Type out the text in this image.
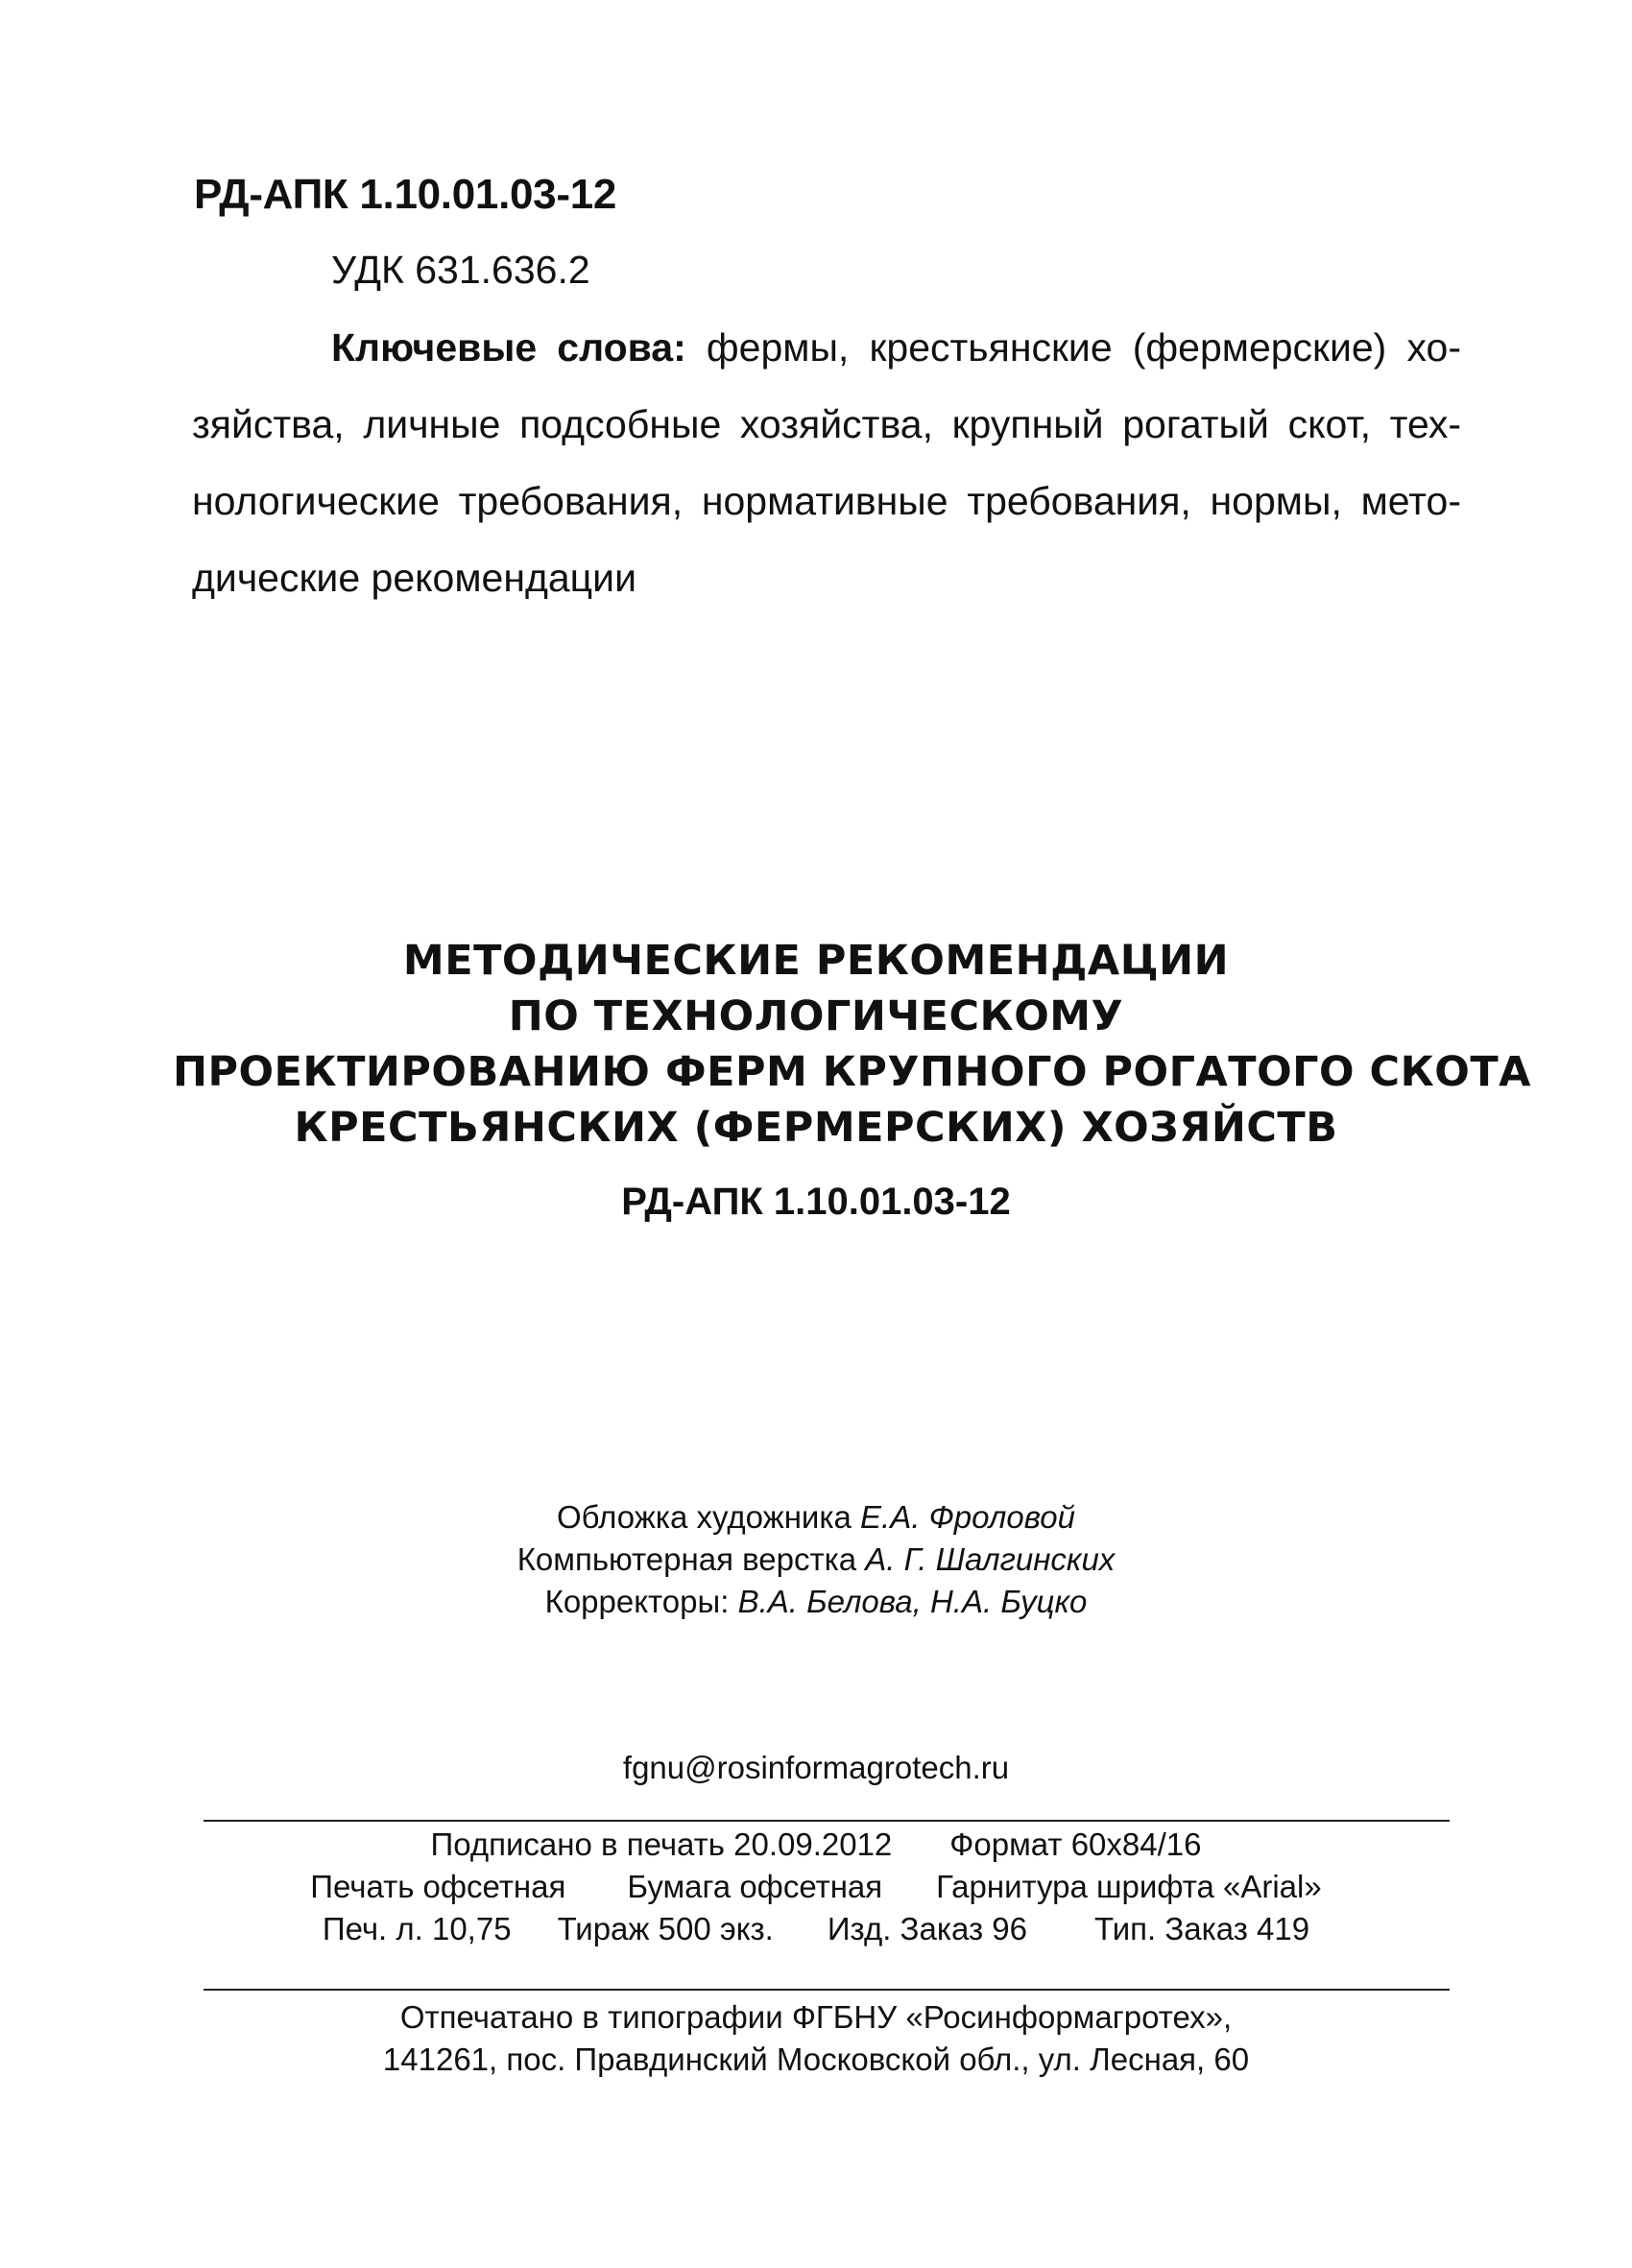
РД-АПК 1.10.01.03-12
УДК 631.636.2
Ключевые слова: фермы, крестьянские (фермерские) хо-
зяйства, личные подсобные хозяйства, крупный рогатый скот, тех-
нологические требования, нормативные требования, нормы, мето-
дические рекомендации
МЕТОДИЧЕСКИЕ РЕКОМЕНДАЦИИ
ПО ТЕХНОЛОГИЧЕСКОМУ
ПРОЕКТИРОВАНИЮ ФЕРМ КРУПНОГО РОГАТОГО СКОТА
КРЕСТЬЯНСКИХ (ФЕРМЕРСКИХ) ХОЗЯЙСТВ
РД-АПК 1.10.01.03-12
Обложка художника Е.А. Фроловой
Компьютерная верстка А. Г. Шалгинских
Корректоры: В.А. Белова, Н.А. Буцко
fgnu@rosinformagrotech.ru
Подписано в печать 20.09.2012 Формат 60х84/16
Печать офсетная Бумага офсетная Гарнитура шрифта «Arial»
Печ. л. 10,75 Тираж 500 экз. Изд. Заказ 96 Тип. Заказ 419
Отпечатано в типографии ФГБНУ «Росинформагротех»,
141261, пос. Правдинский Московской обл., ул. Лесная, 60
